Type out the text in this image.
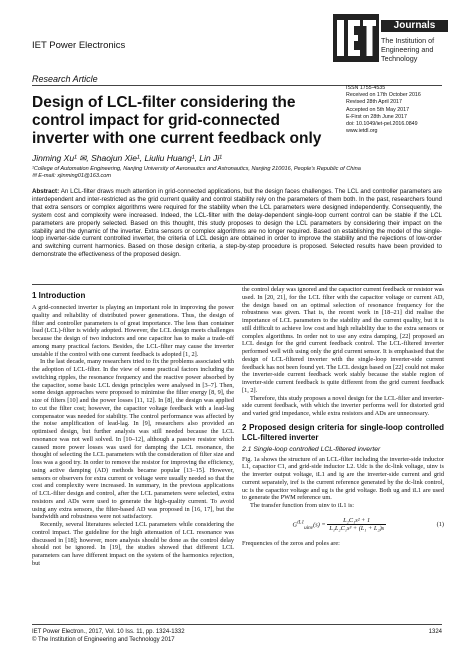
IET Power Electronics
Research Article
Journals
The Institution of
Engineering and Technology
Design of LCL-filter considering the control impact for grid-connected inverter with one current feedback only
ISSN 1755-4535
Received on 17th October 2016
Revised 28th April 2017
Accepted on 5th May 2017
E-First on 28th June 2017
doi: 10.1049/iet-pel.2016.0849
www.ietdl.org
Jinming Xu¹ ✉, Shaojun Xie¹, Liuliu Huang¹, Lin Ji¹
¹College of Automation Engineering, Nanjing University of Aeronautics and Astronautics, Nanjing 210016, People's Republic of China
✉ E-mail: xjinming01@163.com
Abstract: An LCL-filter draws much attention in grid-connected applications, but the design faces challenges. The LCL and controller parameters are interdependent and inter-restricted as the grid current quality and control stability rely on the parameters of them both. In the past, researchers found that extra sensors or complex algorithms were required for the stability when the LCL parameters were designed independently. Consequently, the system cost and complexity were increased. Indeed, the LCL-filter with the delay-dependent single-loop current control can be stable if the LCL parameters are properly selected. Based on this thought, this study proposes to design the LCL parameters by considering their impact on the stability and the dynamic of the inverter. Extra sensors or complex algorithms are no longer required. Based on establishing the model of the single-loop inverter-side current controlled inverter, the criteria of LCL design are obtained in order to improve the stability and the rejections of low-order and switching current harmonics. Based on those design criteria, a step-by-step procedure is proposed. Selected results have been provided to demonstrate the effectiveness of the proposed design.
1 Introduction

A grid-connected inverter is playing an important role in improving the power quality and reliability of distributed power generations. Thus, the design of filter and controller parameters is of great importance. The less than container load (LCL)-filter is widely adopted. However, the LCL design meets challenges because the design of two inductors and one capacitor has to make a trade-off among many practical factors. Besides, the LCL-filter may cause the inverter unstable if the control with one current feedback is adopted [1, 2].

In the last decade, many researchers tried to fix the problems associated with the adoption of LCL-filter. In the view of some practical factors including the switching ripples, the resonance frequency and the reactive power absorbed by the capacitor, some basic LCL design principles were analysed in [3–7]. Then, some design approaches were proposed to minimise the filter energy [8, 9], the size of filters [10] and the power losses [11, 12]. In [8], the design was applied to cut the filter cost; however, the capacitor voltage feedback with a lead-lag compensator was needed for stability. The control performance was affected by the noise amplification of lead-lag. In [9], researchers also provided an optimised design, but further analysis was still needed because the LCL resonance was not well solved. In [10–12], although a passive resistor which caused more power losses was used for damping the LCL resonance, the thought of selecting the LCL parameters with the consideration of filter size and loss was a good try. In order to remove the resistor for improving the efficiency, using active damping (AD) methods became popular [13–15]. However, sensors or observers for extra current or voltage were usually needed so that the cost and complexity were increased. In summary, in the previous applications of LCL-filter design and control, after the LCL parameters were selected, extra resistors and ADs were used to generate the high-quality current. To avoid using any extra sensors, the filter-based AD was proposed in [16, 17], but the bandwidth and robustness were not satisfactory.

Recently, several literatures selected LCL parameters while considering the control impact. The guideline for the high attenuation of LCL resonance was discussed in [18]; however, more analysis should be done as the control delay should not be ignored. In [19], the studies showed that different LCL parameters can have different impact on the system of the harmonics rejection, but

the control delay was ignored and the capacitor current feedback or resistor was used. In [20, 21], for the LCL filter with the capacitor voltage or current AD, the design based on an optimal selection of resonance frequency for the robustness was given. That is, the recent work in [18–21] did realise the importance of LCL parameters to the stability and the current quality, but it is still difficult to achieve low cost and high reliability due to the extra sensors or complex algorithms. In order not to use any extra damping, [22] proposed an LCL design for the grid current feedback control. The LCL-filtered inverter performed well with using only the grid current sensor. It is emphasised that the design of LCL-filtered inverter with the single-loop inverter-side current feedback has not been found yet. The LCL design based on [22] could not make the inverter-side current feedback work stably because the stable region of inverter-side current feedback is quite different from the grid current feedback [1, 2].

Therefore, this study proposes a novel design for the LCL-filter and inverter-side current feedback, with which the inverter performs well for distorted grid and varied grid impedance, while extra resistors and ADs are unnecessary.

2 Proposed design criteria for single-loop controlled LCL-filtered inverter
2.1 Single-loop controlled LCL-filtered inverter

Fig. 1a shows the structure of an LCL-filter including the inverter-side inductor L1, capacitor C1, and grid-side inductor L2. Udc is the dc-link voltage, uinv is the inverter output voltage, iL1 and ig are the inverter-side current and grid current separately, iref is the current reference generated by the dc-link control, uc is the capacitor voltage and ug is the grid voltage. Both ug and iL1 are used to generate the PWM reference um.

The transfer function from uinv to iL1 is:

$G^{iL1}_{uinv}(s) = \frac{\text{L₂C₁s² + 1}}{\text{L₁L₂C₁s³ + (L₁ + L₂)s}}$	(1)

Frequencies of the zeros and poles are:

IET Power Electron., 2017, Vol. 10 Iss. 11, pp. 1324-1332
© The Institution of Engineering and Technology 2017
1324
